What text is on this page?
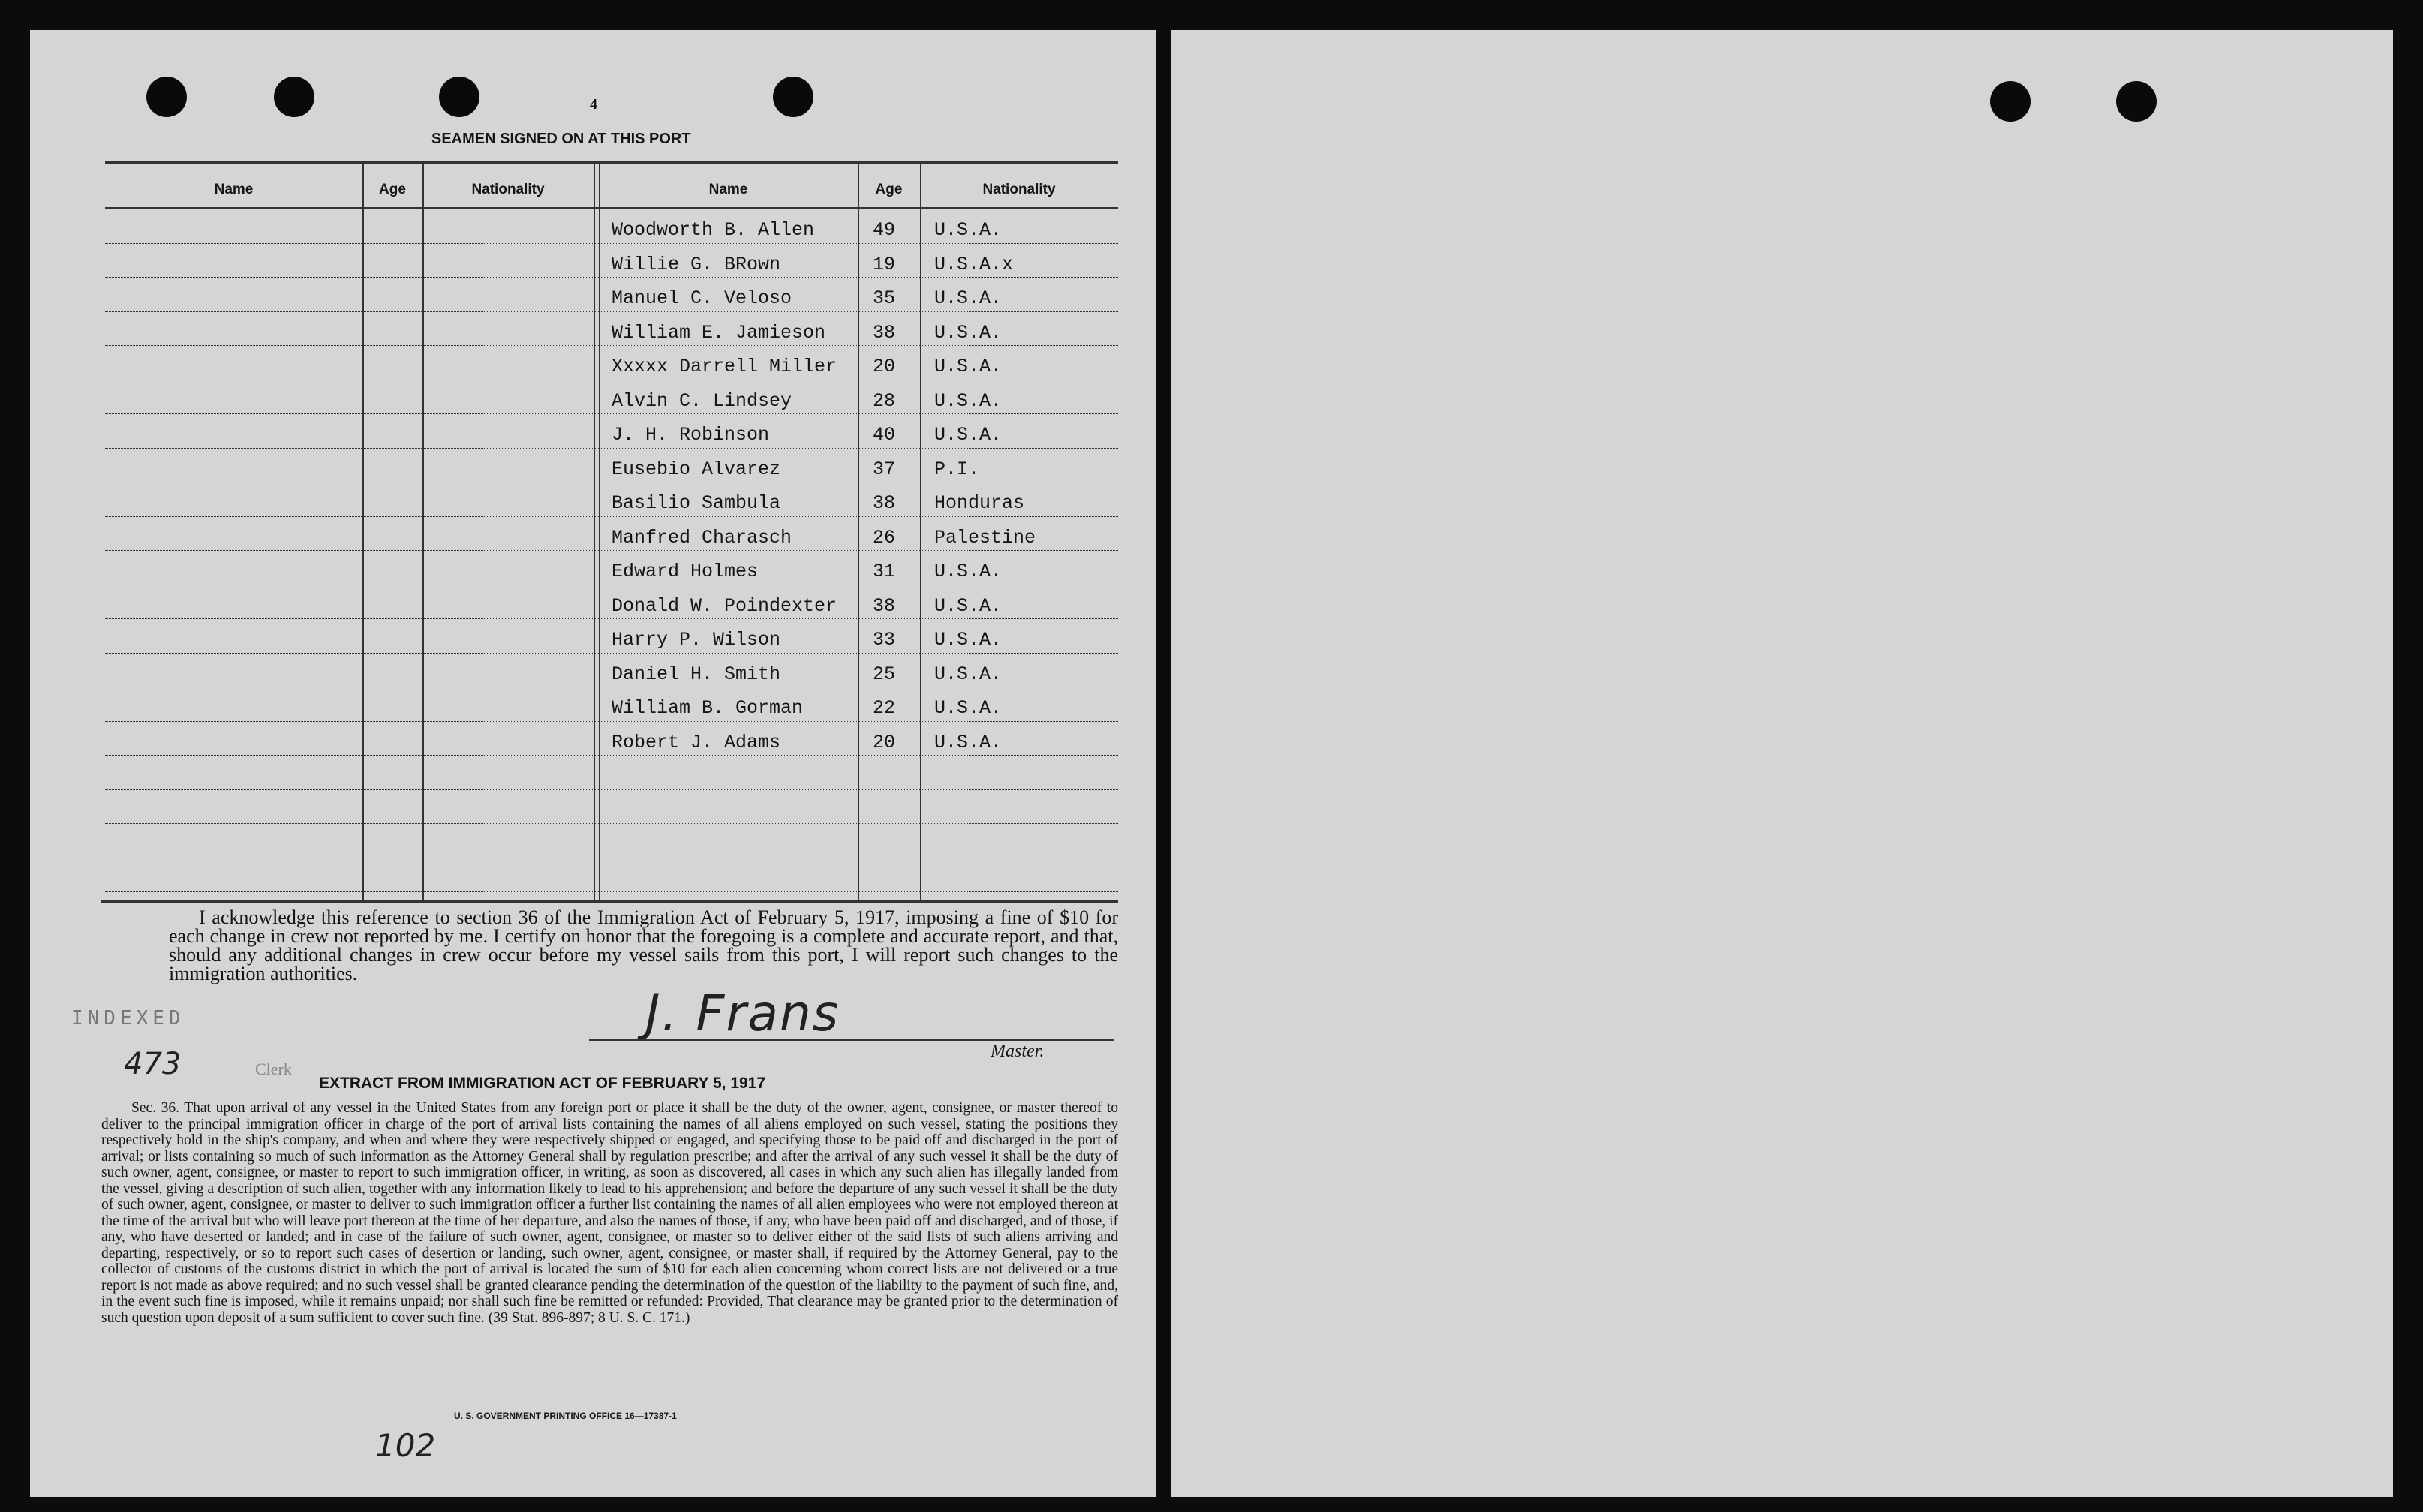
4
SEAMEN SIGNED ON AT THIS PORT
Name	Age	Nationality	Name	Age	Nationality
Woodworth B. Allen	49 U.S.A.
Willie G. BRown	19 U.S.A.x
Manuel C. Veloso	35 U.S.A.
William E. Jamieson	38 U.S.A.
Xxxxx Darrell Miller 20 U.S.A.
Alvin C. Lindsey	28 U.S.A.
J. H. Robinson	40 U.S.A.
Eusebio Alvarez	37 P.I.
Basilio Sambula	38 Honduras
Manfred Charasch	26 Palestine
Edward Holmes	31 U.S.A.
Donald W. Poindexter 38 U.S.A.
Harry P. Wilson	33 U.S.A.
Daniel H. Smith	25 U.S.A.
William B. Gorman	22 U.S.A.
Robert J. Adams	20 U.S.A.
I acknowledge this reference to section 36 of the Immigration Act of February 5, 1917, imposing a fine of $10 for each change in crew not reported by me. I certify on honor that the foregoing is a complete and accurate report, and that, should any additional changes in crew occur before my vessel sails from this port, I will report such changes to the immigration authorities.
INDEXED
473	Clerk
J. Frans
Master.
EXTRACT FROM IMMIGRATION ACT OF FEBRUARY 5, 1917
Sec. 36. That upon arrival of any vessel in the United States from any foreign port or place it shall be the duty of the owner, agent, consignee, or master thereof to deliver to the principal immigration officer in charge of the port of arrival lists containing the names of all aliens employed on such vessel, stating the positions they respectively hold in the ship's company, and when and where they were respectively shipped or engaged, and specifying those to be paid off and discharged in the port of arrival; or lists containing so much of such information as the Attorney General shall by regulation prescribe; and after the arrival of any such vessel it shall be the duty of such owner, agent, consignee, or master to report to such immigration officer, in writing, as soon as discovered, all cases in which any such alien has illegally landed from the vessel, giving a description of such alien, together with any information likely to lead to his apprehension; and before the departure of any such vessel it shall be the duty of such owner, agent, consignee, or master to deliver to such immigration officer a further list containing the names of all alien employees who were not employed thereon at the time of the arrival but who will leave port thereon at the time of her departure, and also the names of those, if any, who have been paid off and discharged, and of those, if any, who have deserted or landed; and in case of the failure of such owner, agent, consignee, or master so to deliver either of the said lists of such aliens arriving and departing, respectively, or so to report such cases of desertion or landing, such owner, agent, consignee, or master shall, if required by the Attorney General, pay to the collector of customs of the customs district in which the port of arrival is located the sum of $10 for each alien concerning whom correct lists are not delivered or a true report is not made as above required; and no such vessel shall be granted clearance pending the determination of the question of the liability to the payment of such fine, and, in the event such fine is imposed, while it remains unpaid; nor shall such fine be remitted or refunded: Provided, That clearance may be granted prior to the determination of such question upon deposit of a sum sufficient to cover such fine. (39 Stat. 896-897; 8 U. S. C. 171.)
U. S. GOVERNMENT PRINTING OFFICE 16—17387-1
102
